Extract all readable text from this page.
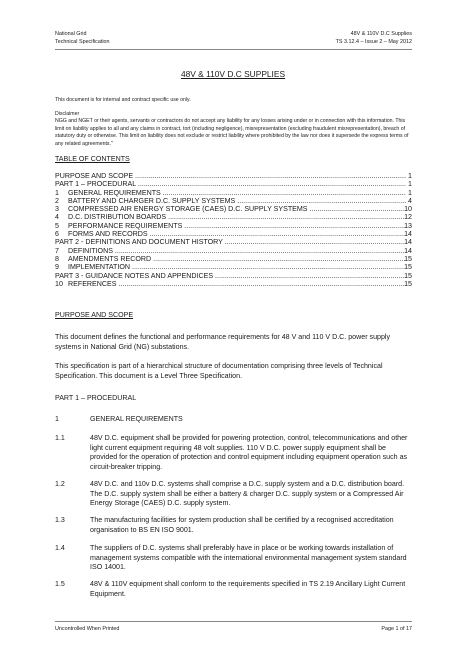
National Grid
Technical Specification
48V & 110V D.C Supplies
TS 3.12.4 – Issue 2 – May 2012
48V & 110V D.C SUPPLIES
This document is for internal and contract specific use only.
Disclaimer
NGG and NGET or their agents, servants or contractors do not accept any liability for any losses arising under or in connection with this information. This limit on liability applies to all and any claims in contract, tort (including negligence), misrepresentation (excluding fraudulent misrepresentation), breach of statutory duty or otherwise. This limit on liability does not exclude or restrict liability where prohibited by the law nor does it supersede the express terms of any related agreements."
TABLE OF CONTENTS
PURPOSE AND SCOPE .....	1
PART 1 – PROCEDURAL .....	1
1 GENERAL REQUIREMENTS .....	1
2 BATTERY AND CHARGER D.C. SUPPLY SYSTEMS .....	4
3 COMPRESSED AIR ENERGY STORAGE (CAES) D.C. SUPPLY SYSTEMS .....	10
4 D.C. DISTRIBUTION BOARDS .....	12
5 PERFORMANCE REQUIREMENTS .....	13
6 FORMS AND RECORDS .....	14
PART 2 - DEFINITIONS AND DOCUMENT HISTORY .....	14
7 DEFINITIONS .....	14
8 AMENDMENTS RECORD .....	15
9 IMPLEMENTATION .....	15
PART 3 - GUIDANCE NOTES AND APPENDICES .....	15
10 REFERENCES .....	15
PURPOSE AND SCOPE
This document defines the functional and performance requirements for 48 V and 110 V D.C. power supply systems in National Grid (NG) substations.
This specification is part of a hierarchical structure of documentation comprising three levels of Technical Specification. This document is a Level Three Specification.
PART 1 – PROCEDURAL
1	GENERAL REQUIREMENTS
1.1	48V D.C. equipment shall be provided for powering protection, control, telecommunications and other light current equipment requiring 48 volt supplies. 110 V D.C. power supply equipment shall be provided for the operation of protection and control equipment including equipment operation such as circuit-breaker tripping.
1.2	48V D.C. and 110v D.C. systems shall comprise a D.C. supply system and a D.C. distribution board. The D.C. supply system shall be either a battery & charger D.C. supply system or a Compressed Air Energy Storage (CAES) D.C. supply system.
1.3	The manufacturing facilities for system production shall be certified by a recognised accreditation organisation to BS EN ISO 9001.
1.4	The suppliers of D.C. systems shall preferably have in place or be working towards installation of management systems compatible with the international environmental management system standard ISO 14001.
1.5	48V & 110V equipment shall conform to the requirements specified in TS 2.19 Ancillary Light Current Equipment.
Uncontrolled When Printed	Page 1 of 17
